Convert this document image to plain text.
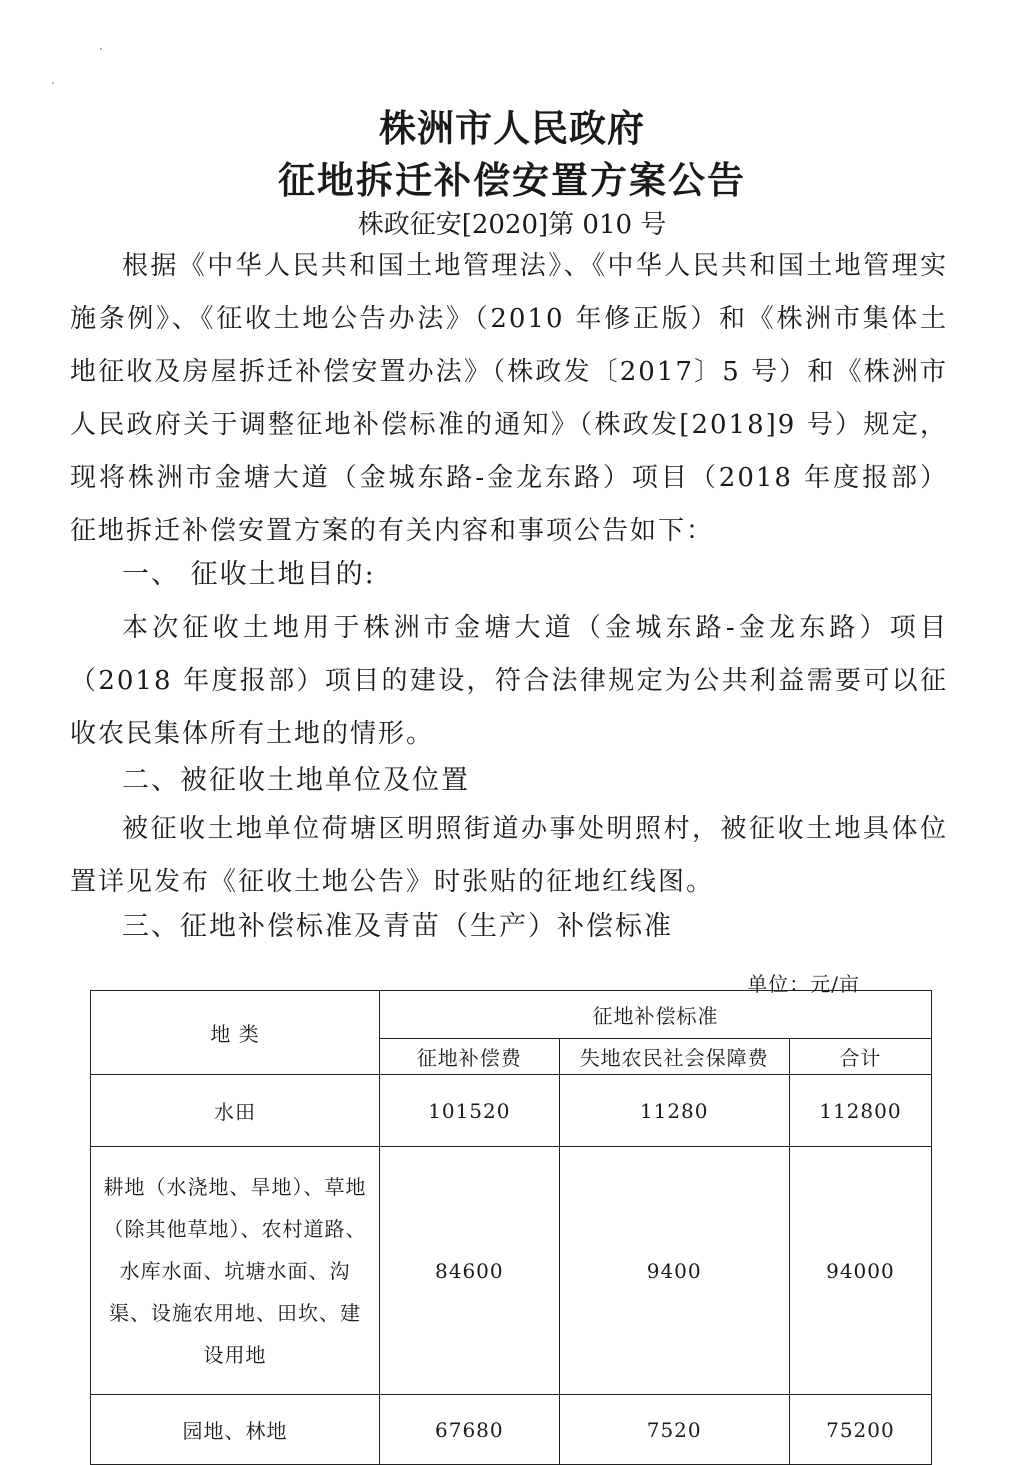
株洲市人民政府
征地拆迁补偿安置方案公告
株政征安[2020]第 010 号
根据《中华人民共和国土地管理法》、《中华人民共和国土地管理实施条例》、《征收土地公告办法》（2010 年修正版）和《株洲市集体土地征收及房屋拆迁补偿安置办法》（株政发〔2017〕5 号）和《株洲市人民政府关于调整征地补偿标准的通知》（株政发[2018]9 号）规定，现将株洲市金塘大道（金城东路-金龙东路）项目（2018 年度报部）征地拆迁补偿安置方案的有关内容和事项公告如下：
一、 征收土地目的:
本次征收土地用于株洲市金塘大道（金城东路-金龙东路）项目（2018 年度报部）项目的建设，符合法律规定为公共利益需要可以征收农民集体所有土地的情形。
二、被征收土地单位及位置
被征收土地单位荷塘区明照街道办事处明照村，被征收土地具体位置详见发布《征收土地公告》时张贴的征地红线图。
三、征地补偿标准及青苗（生产）补偿标准
单位：元/亩
地 类	征地补偿标准		
	征地补偿费	失地农民社会保障费	合计
水田	101520	11280	112800
耕地（水浇地、旱地）、草地（除其他草地）、农村道路、水库水面、坑塘水面、沟渠、设施农用地、田坎、建设用地	84600	9400	94000
园地、林地	67680	7520	75200
